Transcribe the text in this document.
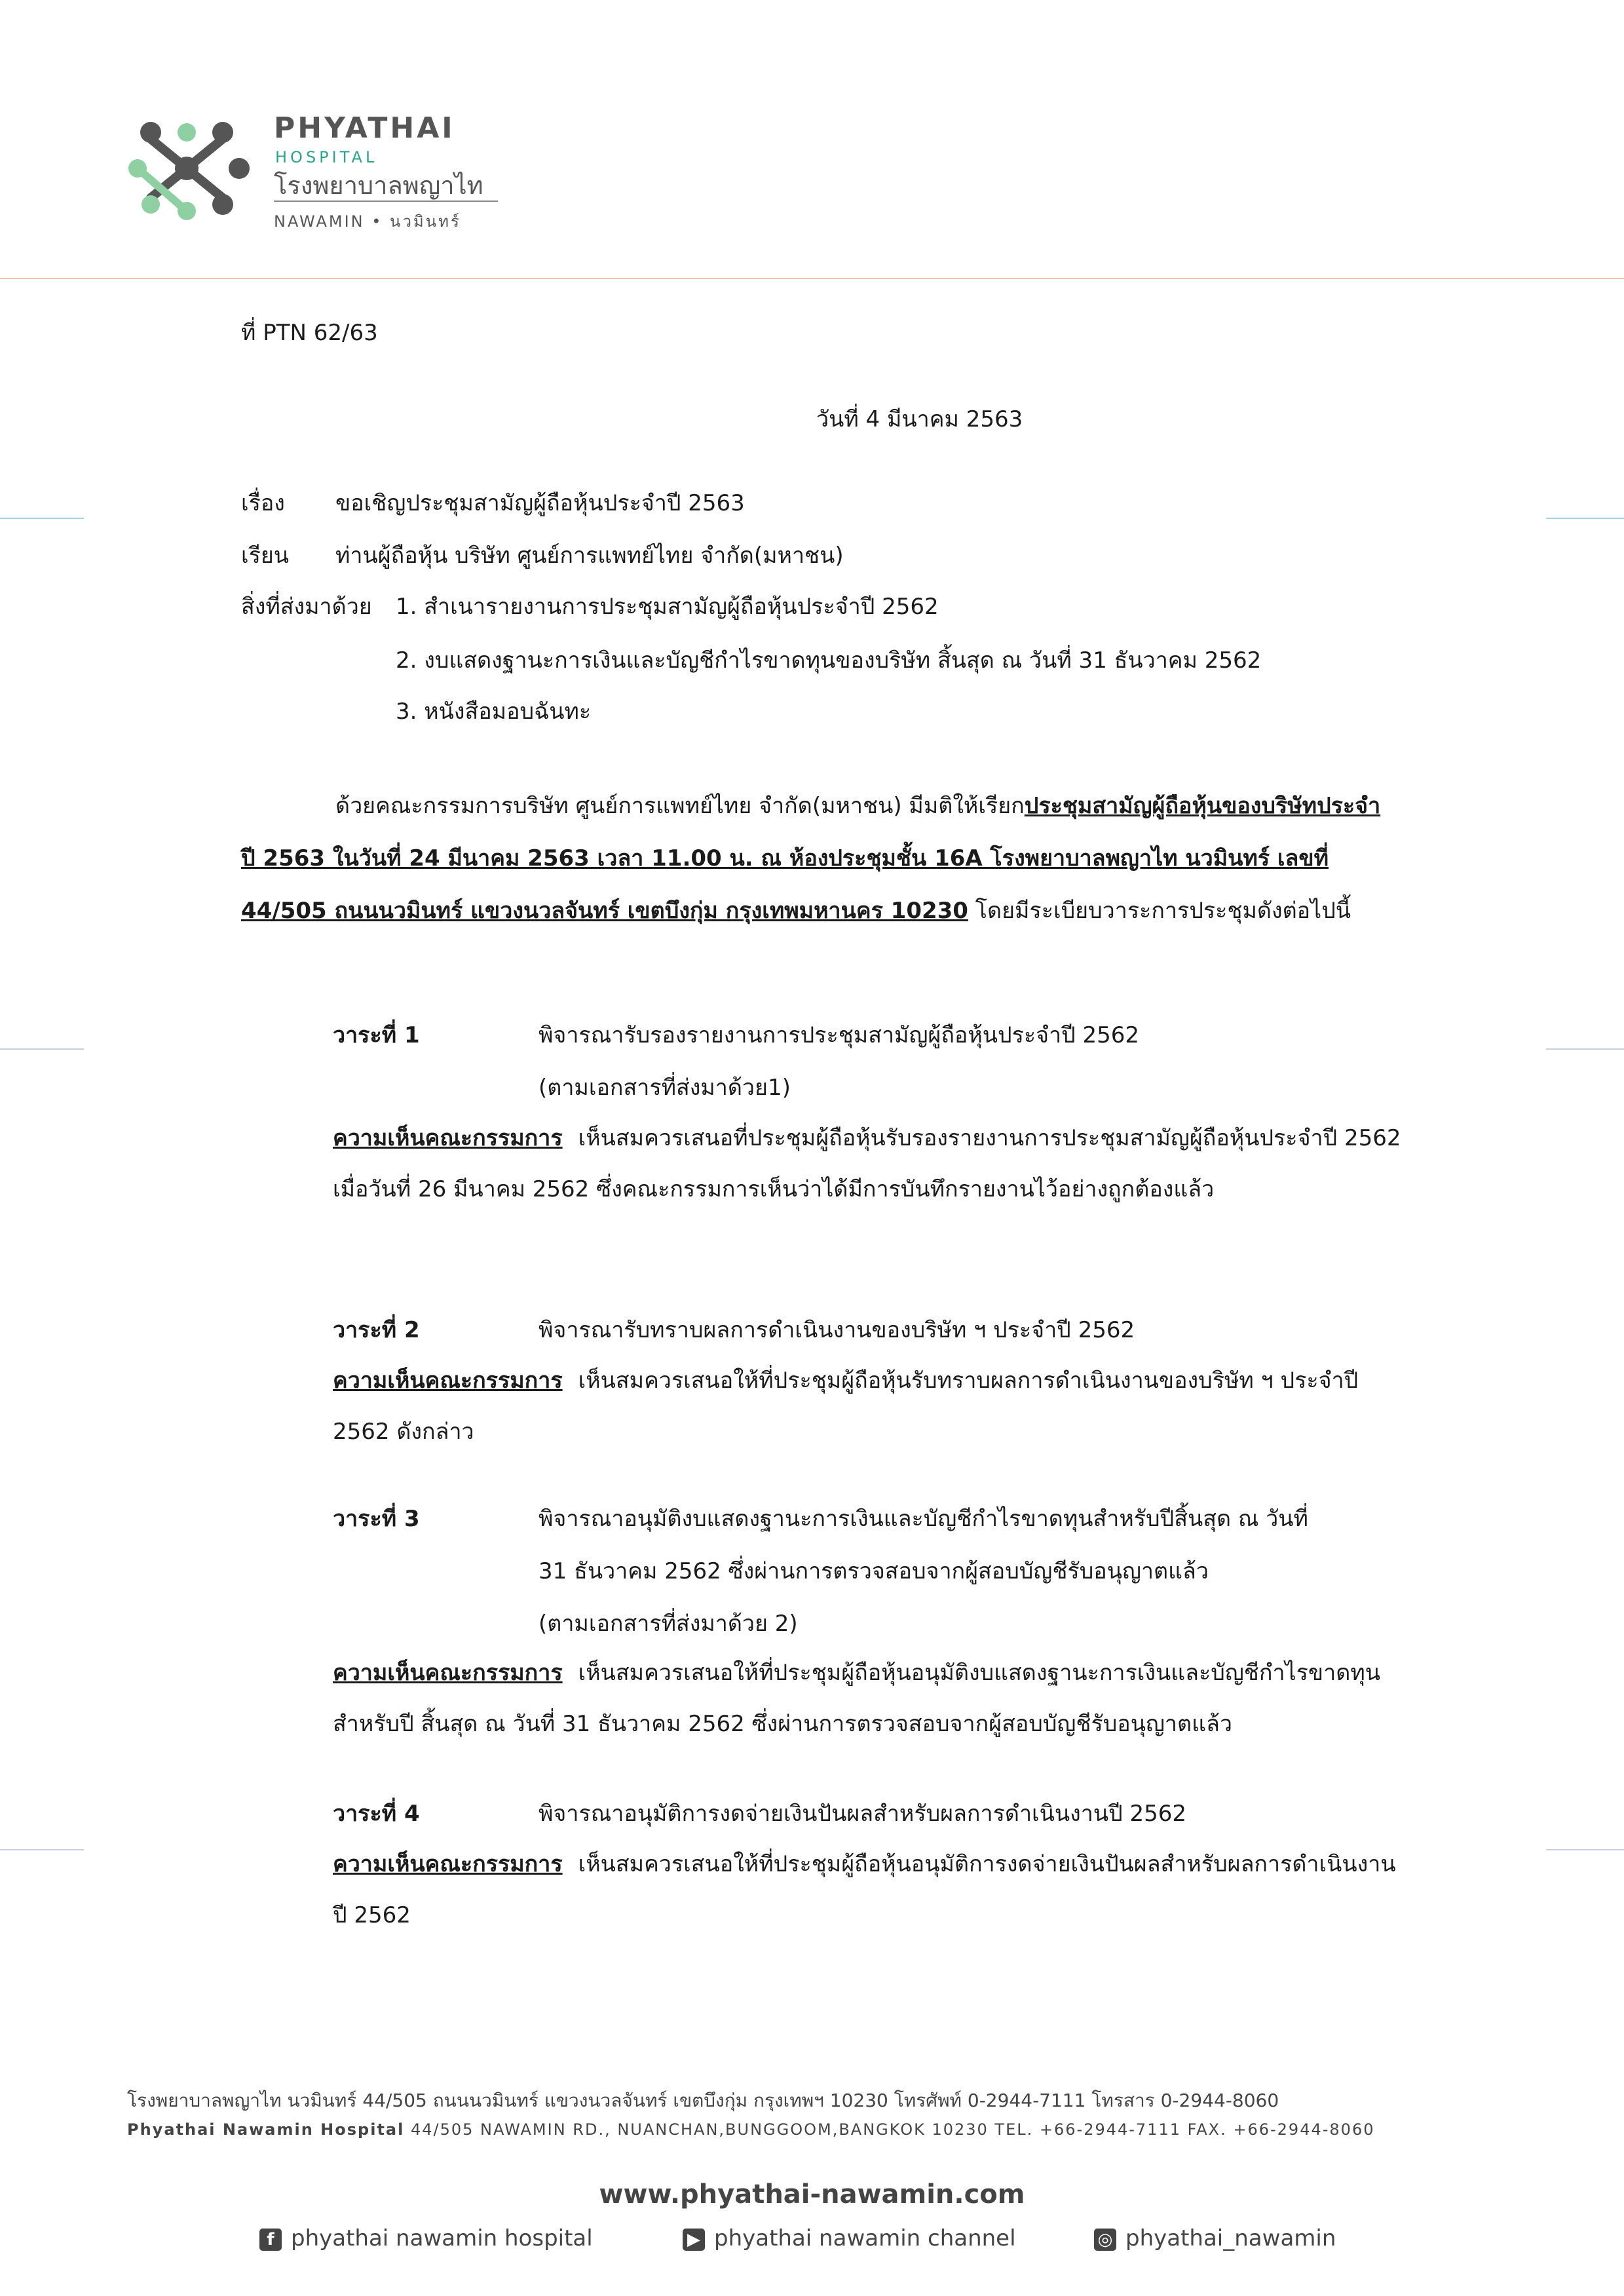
PHYATHAI
HOSPITAL
โรงพยาบาลพญาไท
NAWAMIN • นวมินทร์
ที่ PTN 62/63
วันที่ 4 มีนาคม 2563
เรื่อง ขอเชิญประชุมสามัญผู้ถือหุ้นประจำปี 2563
เรียน ท่านผู้ถือหุ้น บริษัท ศูนย์การแพทย์ไทย จำกัด(มหาชน)
สิ่งที่ส่งมาด้วย 1. สำเนารายงานการประชุมสามัญผู้ถือหุ้นประจำปี 2562
2. งบแสดงฐานะการเงินและบัญชีกำไรขาดทุนของบริษัท สิ้นสุด ณ วันที่ 31 ธันวาคม 2562
3. หนังสือมอบฉันทะ
ด้วยคณะกรรมการบริษัท ศูนย์การแพทย์ไทย จำกัด(มหาชน) มีมติให้เรียกประชุมสามัญผู้ถือหุ้นของบริษัทประจำปี 2563 ในวันที่ 24 มีนาคม 2563 เวลา 11.00 น. ณ ห้องประชุมชั้น 16A โรงพยาบาลพญาไท นวมินทร์ เลขที่ 44/505 ถนนนวมินทร์ แขวงนวลจันทร์ เขตบึงกุ่ม กรุงเทพมหานคร 10230 โดยมีระเบียบวาระการประชุมดังต่อไปนี้
วาระที่ 1	พิจารณารับรองรายงานการประชุมสามัญผู้ถือหุ้นประจำปี 2562
(ตามเอกสารที่ส่งมาด้วย1)
ความเห็นคณะกรรมการ เห็นสมควรเสนอที่ประชุมผู้ถือหุ้นรับรองรายงานการประชุมสามัญผู้ถือหุ้นประจำปี 2562 เมื่อวันที่ 26 มีนาคม 2562 ซึ่งคณะกรรมการเห็นว่าได้มีการบันทึกรายงานไว้อย่างถูกต้องแล้ว
วาระที่ 2	พิจารณารับทราบผลการดำเนินงานของบริษัท ฯ ประจำปี 2562
ความเห็นคณะกรรมการ เห็นสมควรเสนอให้ที่ประชุมผู้ถือหุ้นรับทราบผลการดำเนินงานของบริษัท ฯ ประจำปี 2562 ดังกล่าว
วาระที่ 3	พิจารณาอนุมัติงบแสดงฐานะการเงินและบัญชีกำไรขาดทุนสำหรับปีสิ้นสุด ณ วันที่
31 ธันวาคม 2562 ซึ่งผ่านการตรวจสอบจากผู้สอบบัญชีรับอนุญาตแล้ว
(ตามเอกสารที่ส่งมาด้วย 2)
ความเห็นคณะกรรมการ เห็นสมควรเสนอให้ที่ประชุมผู้ถือหุ้นอนุมัติงบแสดงฐานะการเงินและบัญชีกำไรขาดทุนสำหรับปี สิ้นสุด ณ วันที่ 31 ธันวาคม 2562 ซึ่งผ่านการตรวจสอบจากผู้สอบบัญชีรับอนุญาตแล้ว
วาระที่ 4	พิจารณาอนุมัติการงดจ่ายเงินปันผลสำหรับผลการดำเนินงานปี 2562
ความเห็นคณะกรรมการ เห็นสมควรเสนอให้ที่ประชุมผู้ถือหุ้นอนุมัติการงดจ่ายเงินปันผลสำหรับผลการดำเนินงานปี 2562
โรงพยาบาลพญาไท นวมินทร์ 44/505 ถนนนวมินทร์ แขวงนวลจันทร์ เขตบึงกุ่ม กรุงเทพฯ 10230 โทรศัพท์ 0-2944-7111 โทรสาร 0-2944-8060
Phyathai Nawamin Hospital 44/505 NAWAMIN RD., NUANCHAN,BUNGGOOM,BANGKOK 10230 TEL. +66-2944-7111 FAX. +66-2944-8060
www.phyathai-nawamin.com
f phyathai nawamin hospital	▶ phyathai nawamin channel	◎ phyathai_nawamin
